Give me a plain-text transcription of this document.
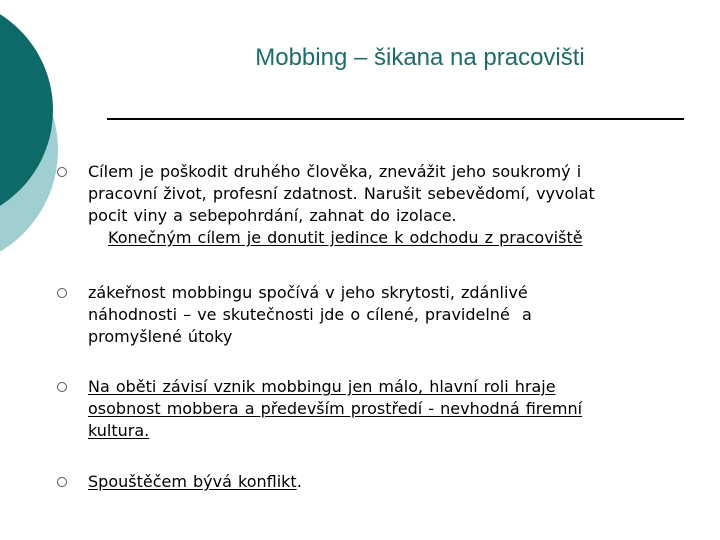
Mobbing – šikana na pracovišti
Cílem je poškodit druhého člověka, znevážit jeho soukromý i
pracovní život, profesní zdatnost. Narušit sebevědomí, vyvolat
pocit viny a sebepohrdání, zahnat do izolace.
Konečným cílem je donutit jedince k odchodu z pracoviště
zákeřnost mobbingu spočívá v jeho skrytosti, zdánlivé
náhodnosti – ve skutečnosti jde o cílené, pravidelné  a
promyšlené útoky
Na oběti závisí vznik mobbingu jen málo, hlavní roli hraje
osobnost mobbera a především prostředí - nevhodná firemní
kultura.
Spouštěčem bývá konflikt.
